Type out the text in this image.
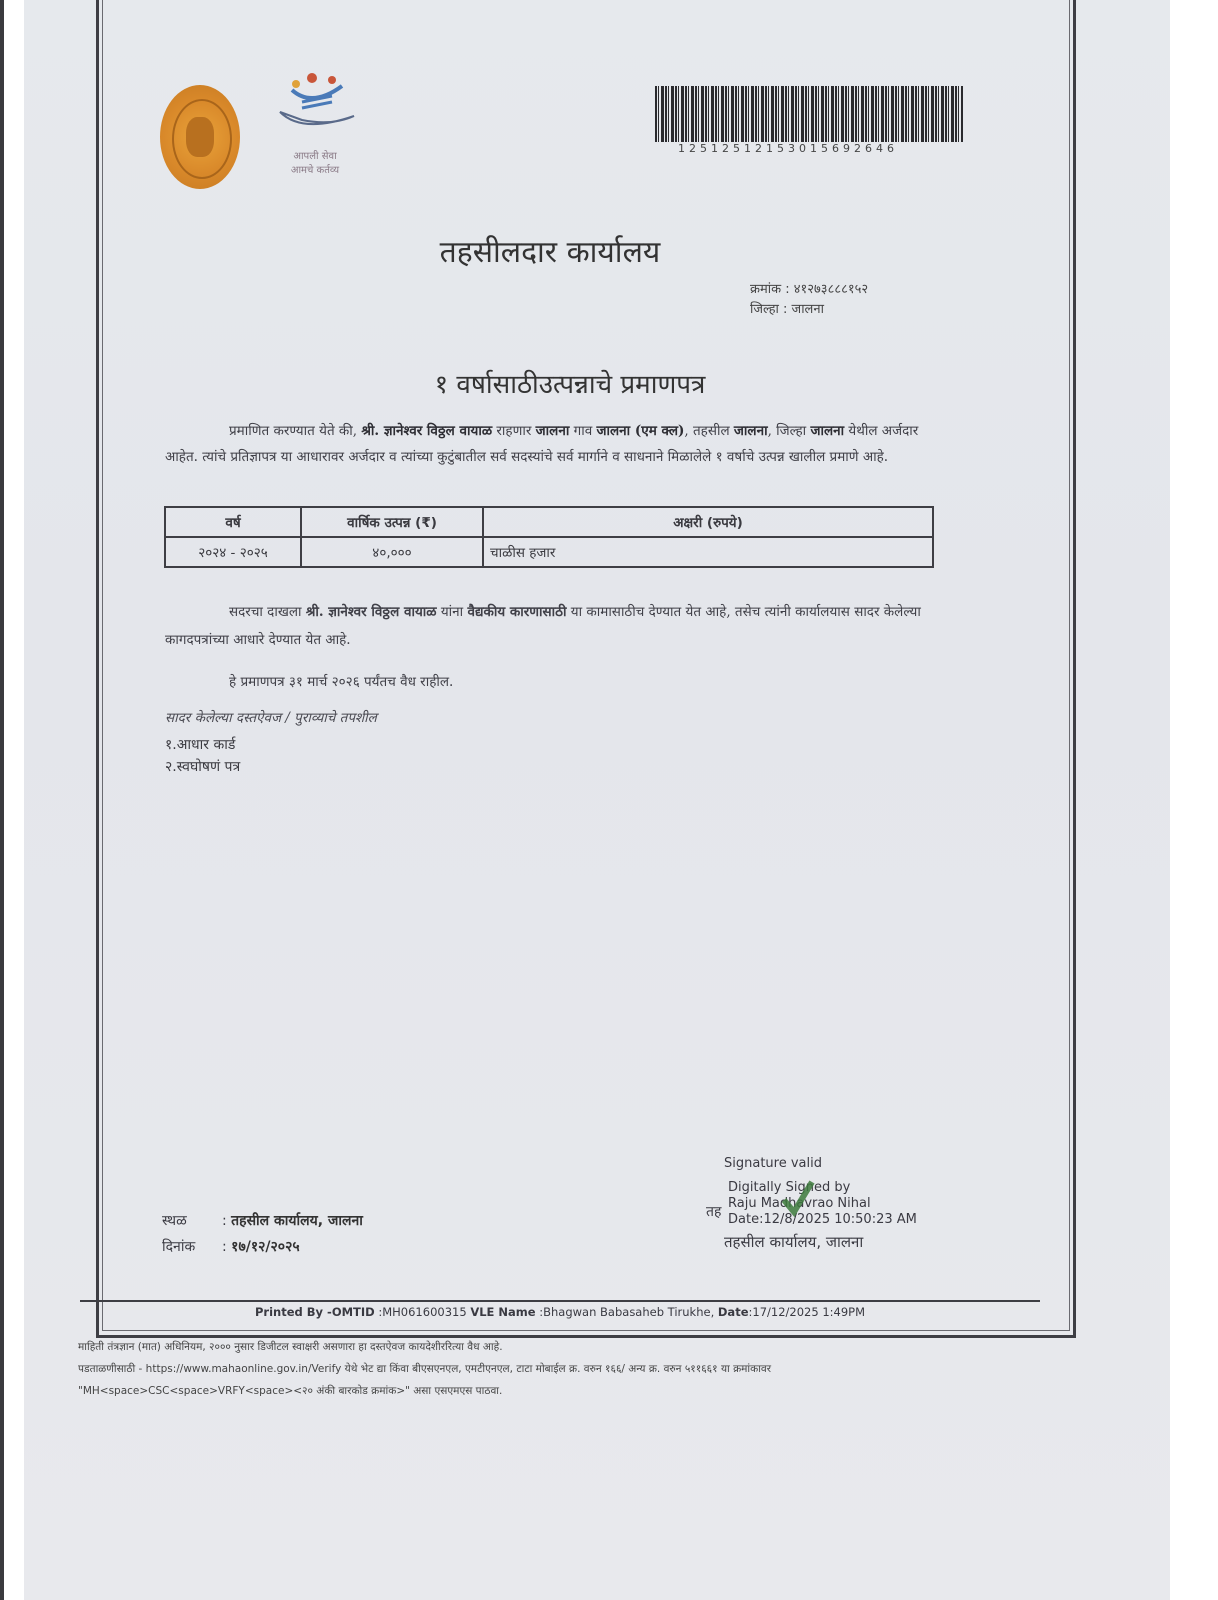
आपली सेवा
आमचे कर्तव्य
12512512153015692646
तहसीलदार कार्यालय
क्रमांक : ४१२७३८८८१५२
जिल्हा : जालना
१ वर्षासाठीउत्पन्नाचे प्रमाणपत्र
प्रमाणित करण्यात येते की, श्री. ज्ञानेश्वर विठ्ठल वायाळ राहणार जालना गाव जालना (एम क्ल), तहसील जालना, जिल्हा जालना येथील अर्जदार आहेत. त्यांचे प्रतिज्ञापत्र या आधारावर अर्जदार व त्यांच्या कुटुंबातील सर्व सदस्यांचे सर्व मार्गाने व साधनाने मिळालेले १ वर्षाचे उत्पन्न खालील प्रमाणे आहे.
वर्ष	वार्षिक उत्पन्न (₹)	अक्षरी (रुपये)
२०२४ - २०२५	४०,०००	चाळीस हजार
सदरचा दाखला श्री. ज्ञानेश्वर विठ्ठल वायाळ यांना वैद्यकीय कारणासाठी या कामासाठीच देण्यात येत आहे, तसेच त्यांनी कार्यालयास सादर केलेल्या कागदपत्रांच्या आधारे देण्यात येत आहे.
हे प्रमाणपत्र ३१ मार्च २०२६ पर्यंतच वैध राहील.
सादर केलेल्या दस्तऐवज / पुराव्याचे तपशील
१.आधार कार्ड
२.स्वघोषणं पत्र
Signature valid
Digitally Signed by
तह
Raju Madhavrao Nihal
Date:12/8/2025 10:50:23 AM
तहसील कार्यालय, जालना
स्थळ	: तहसील कार्यालय, जालना
दिनांक : १७/१२/२०२५
Printed By -OMTID :MH061600315 VLE Name :Bhagwan Babasaheb Tirukhe, Date:17/12/2025 1:49PM
माहिती तंत्रज्ञान (मात) अधिनियम, २००० नुसार डिजीटल स्वाक्षरी असणारा हा दस्तऐवज कायदेशीररित्या वैध आहे.
पडताळणीसाठी - https://www.mahaonline.gov.in/Verify येथे भेट द्या किंवा बीएसएनएल, एमटीएनएल, टाटा मोबाईल क्र. वरुन १६६/ अन्य क्र. वरुन ५११६६१ या क्रमांकावर
"MH<space>CSC<space>VRFY<space><२० अंकी बारकोड क्रमांक>" असा एसएमएस पाठवा.
